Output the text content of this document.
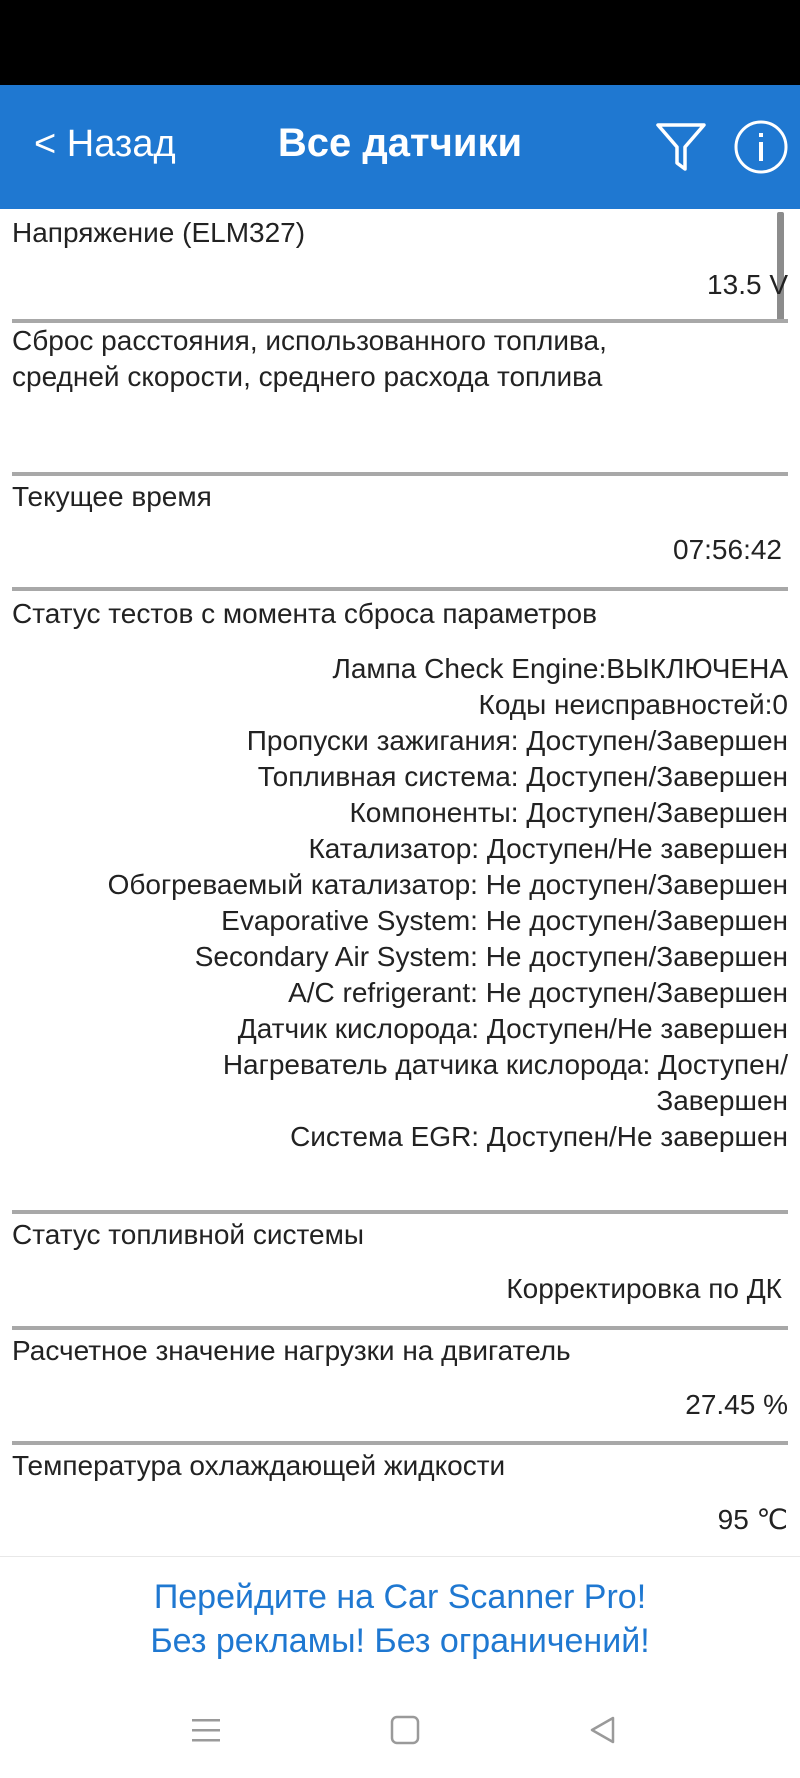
< Назад	Все датчики
Напряжение (ELM327)
13.5 V
Сброс расстояния, использованного топлива,
средней скорости, среднего расхода топлива
Текущее время
07:56:42
Статус тестов с момента сброса параметров
Лампа Check Engine:ВЫКЛЮЧЕНА
Коды неисправностей:0
Пропуски зажигания: Доступен/Завершен
Топливная система: Доступен/Завершен
Компоненты: Доступен/Завершен
Катализатор: Доступен/Не завершен
Обогреваемый катализатор: Не доступен/Завершен
Evaporative System: Не доступен/Завершен
Secondary Air System: Не доступен/Завершен
A/C refrigerant: Не доступен/Завершен
Датчик кислорода: Доступен/Не завершен
Нагреватель датчика кислорода: Доступен/
Завершен
Система EGR: Доступен/Не завершен
Статус топливной системы
Корректировка по ДК
Расчетное значение нагрузки на двигатель
27.45 %
Температура охлаждающей жидкости
95 ℃
Перейдите на Car Scanner Pro!
Без рекламы! Без ограничений!
